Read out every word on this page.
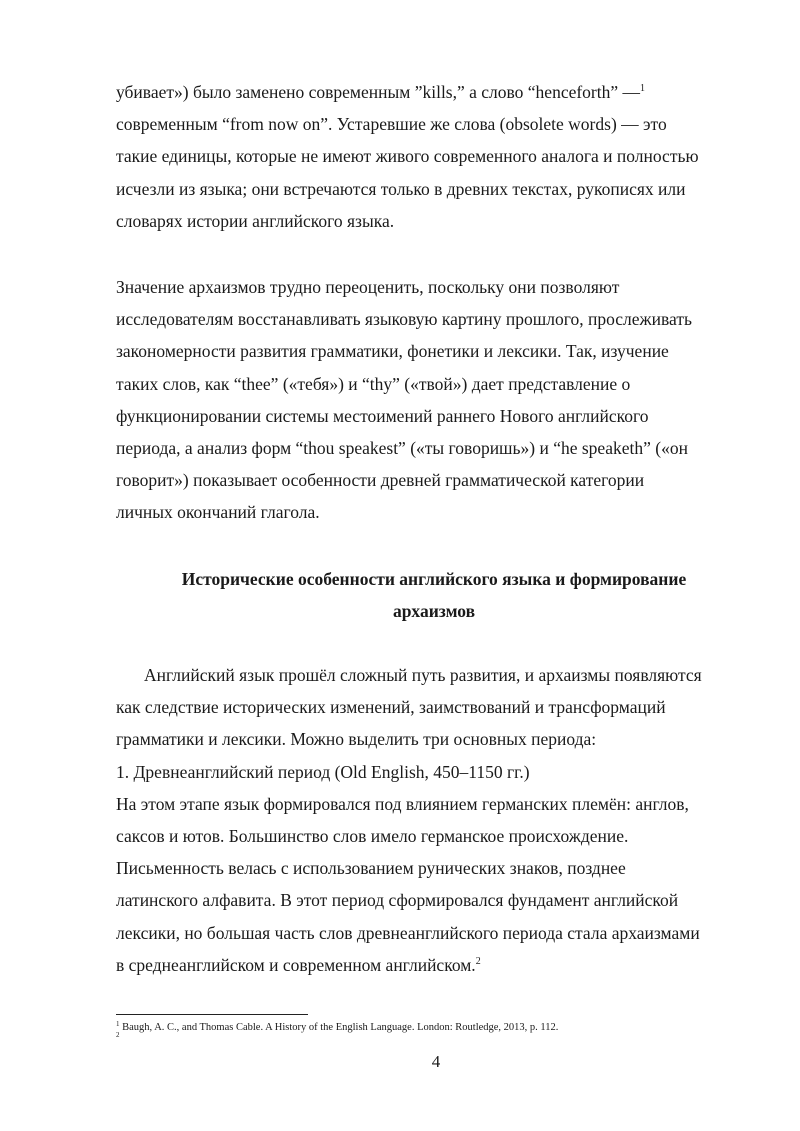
убивает») было заменено современным ”kills,” а слово “henceforth” —$^1$
современным “from now on”. Устаревшие же слова (obsolete words) — это
такие единицы, которые не имеют живого современного аналога и полностью
исчезли из языка; они встречаются только в древних текстах, рукописях или
словарях истории английского языка.
Значение архаизмов трудно переоценить, поскольку они позволяют
исследователям восстанавливать языковую картину прошлого, прослеживать
закономерности развития грамматики, фонетики и лексики. Так, изучение
таких слов, как “thee” («тебя») и “thy” («твой») дает представление о
функционировании системы местоимений раннего Нового английского
периода, а анализ форм “thou speakest” («ты говоришь») и “he speaketh” («он
говорит») показывает особенности древней грамматической категории
личных окончаний глагола.
Исторические особенности английского языка и формирование
архаизмов
Английский язык прошёл сложный путь развития, и архаизмы появляются
как следствие исторических изменений, заимствований и трансформаций
грамматики и лексики. Можно выделить три основных периода:
1. Древнеанглийский период (Old English, 450–1150 гг.)
На этом этапе язык формировался под влиянием германских племён: англов,
саксов и ютов. Большинство слов имело германское происхождение.
Письменность велась с использованием рунических знаков, позднее
латинского алфавита. В этот период сформировался фундамент английской
лексики, но большая часть слов древнеанглийского периода стала архаизмами
в среднеанглийском и современном английском.$^2$
$^1$ Baugh, A. C., and Thomas Cable. A History of the English Language. London: Routledge, 2013, p. 112.
$^2$
4
